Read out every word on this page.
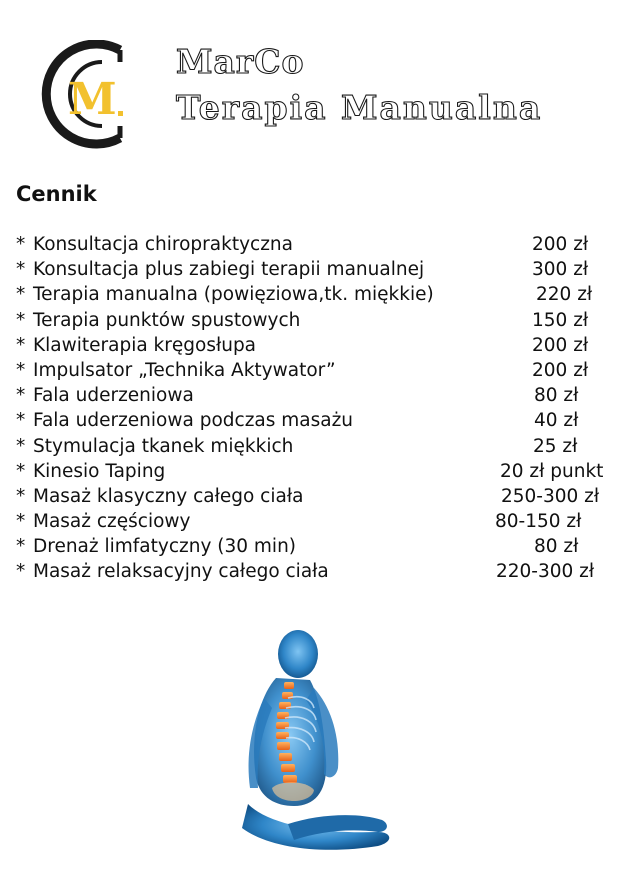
M
MarCo
Terapia Manualna
Cennik
* Konsultacja chiropraktyczna	200 zł
* Konsultacja plus zabiegi terapii manualnej	300 zł
* Terapia manualna (powięziowa,tk. miękkie)	220 zł
* Terapia punktów spustowych	150 zł
* Klawiterapia kręgosłupa	200 zł
* Impulsator „Technika Aktywator”	200 zł
* Fala uderzeniowa	80 zł
* Fala uderzeniowa podczas masażu	40 zł
* Stymulacja tkanek miękkich	25 zł
* Kinesio Taping	20 zł punkt
* Masaż klasyczny całego ciała	250-300 zł
* Masaż częściowy	80-150 zł
* Drenaż limfatyczny (30 min)	80 zł
* Masaż relaksacyjny całego ciała	220-300 zł
